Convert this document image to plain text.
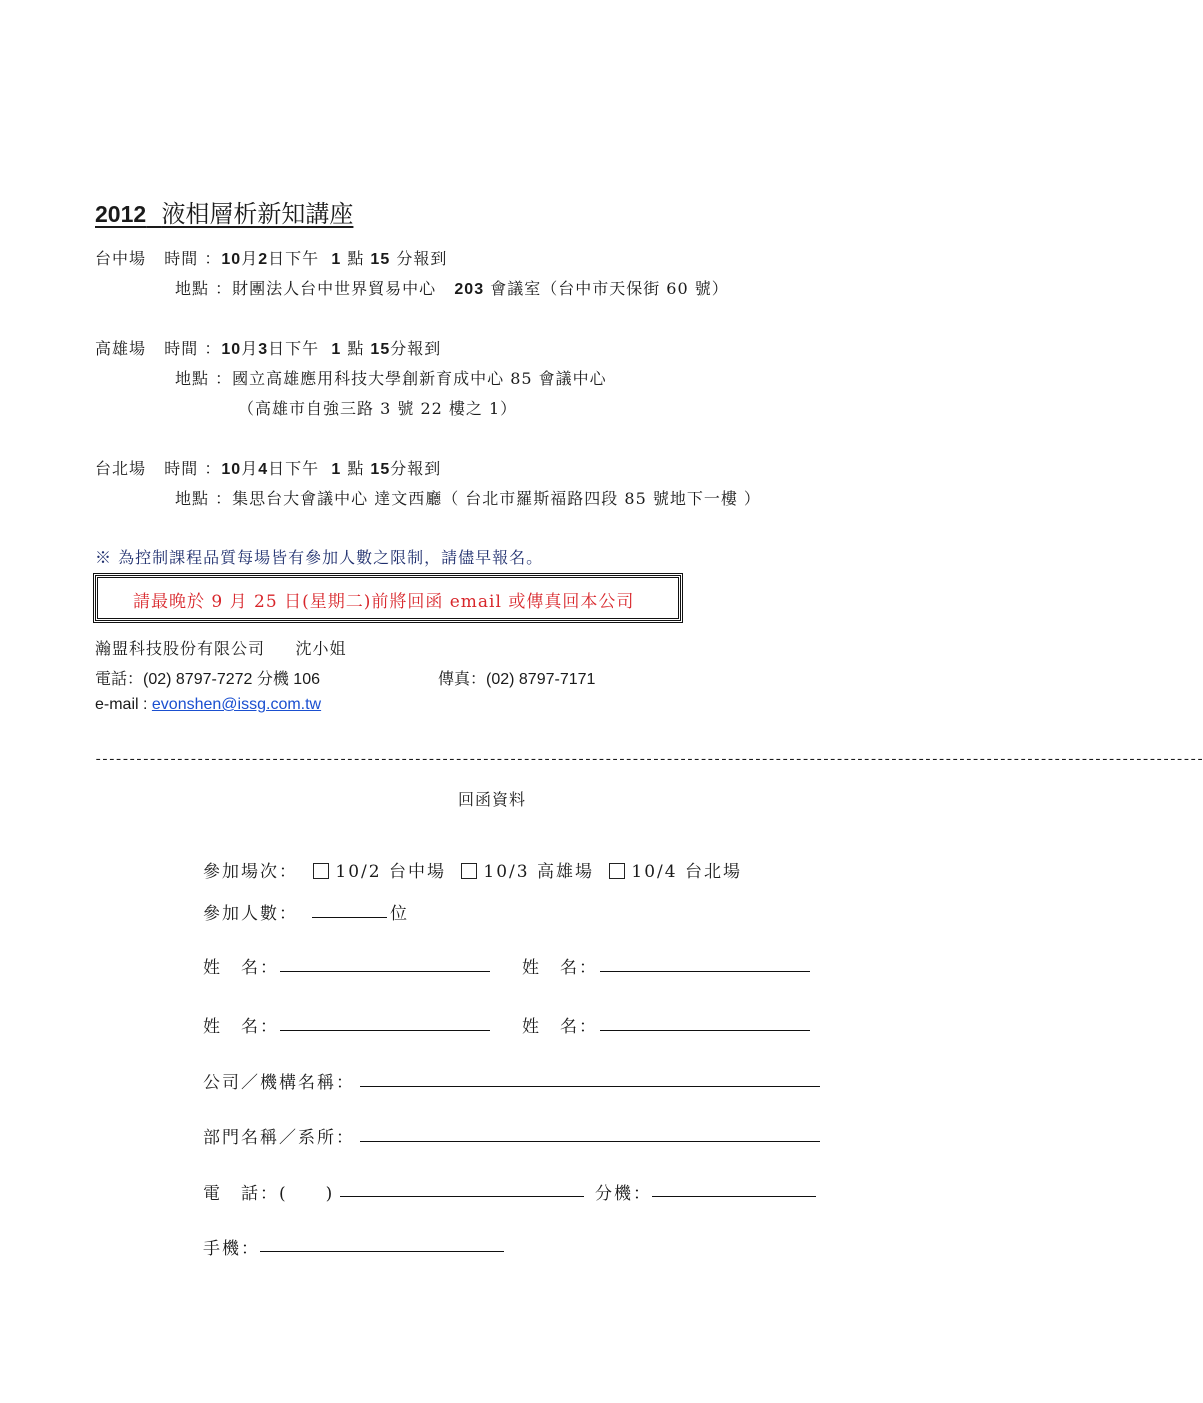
2012 液相層析新知講座
台中場 時間 ：10月2日下午 1 點 15 分報到
地點 ：財團法人台中世界貿易中心 203 會議室（台中市天保街 60 號）
高雄場 時間 ：10月3日下午 1 點 15分報到
地點 ：國立高雄應用科技大學創新育成中心 85 會議中心
（高雄市自強三路 3 號 22 樓之 1）
台北場 時間 ：10月4日下午 1 點 15分報到
地點 ：集思台大會議中心 達文西廳（ 台北市羅斯福路四段 85 號地下一樓 ）
※ 為控制課程品質每場皆有參加人數之限制，請儘早報名。
請最晚於 9 月 25 日(星期二)前將回函 email 或傳真回本公司
瀚盟科技股份有限公司 沈小姐
電話：(02) 8797-7272 分機 106	傳真：(02) 8797-7171
e-mail : evonshen@issg.com.tw
-------------------------------------------------------------------------------------------------------------------------------------------------------------------
回函資料
參加場次： 10/2 台中場 10/3 高雄場 10/4 台北場
參加人數：	位
姓　名：	姓　名：
姓　名：	姓　名：
公司／機構名稱：
部門名稱／系所：
電　話：(　　)	分機：
手機：
